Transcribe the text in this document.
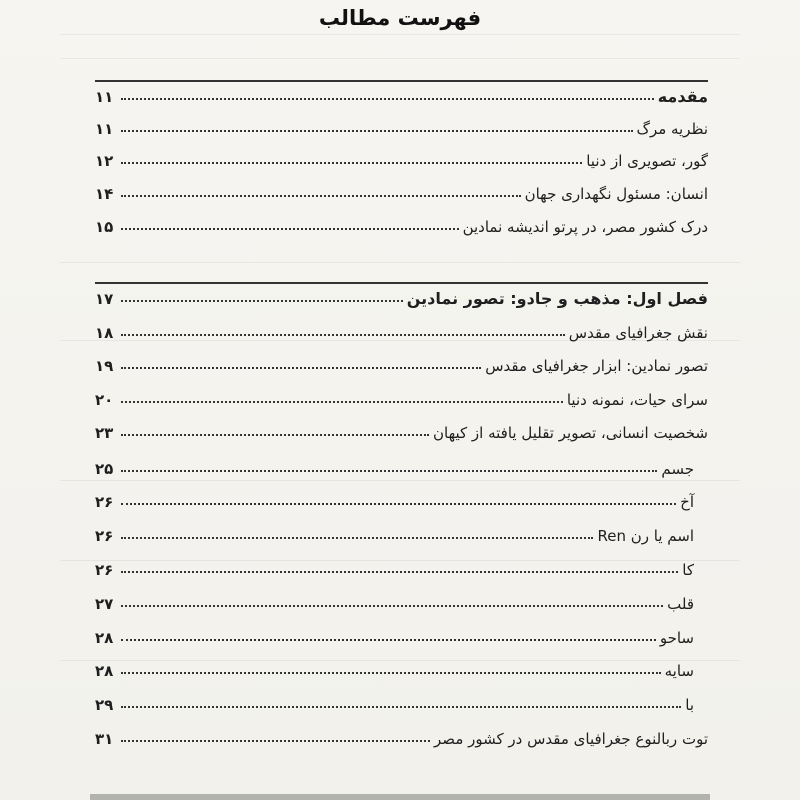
فهرست مطالب
مقدمه
۱۱
نظریه مرگ
۱۱
گور، تصویری از دنیا
۱۲
انسان: مسئول نگهداری جهان
۱۴
درک کشور مصر، در پرتو اندیشه نمادین
۱۵
فصل اول: مذهب و جادو: تصور نمادین
۱۷
نقش جغرافیای مقدس
۱۸
تصور نمادین: ابزار جغرافیای مقدس
۱۹
سرای حیات، نمونه دنیا
۲۰
شخصیت انسانی، تصویر تقلیل یافته از کیهان
۲۳
جسم
۲۵
آخ
۲۶
اسم یا رن Ren
۲۶
کا
۲۶
قلب
۲۷
ساحو
۲۸
سایه
۲۸
با
۲۹
توت ربالنوع جغرافیای مقدس در کشور مصر
۳۱
